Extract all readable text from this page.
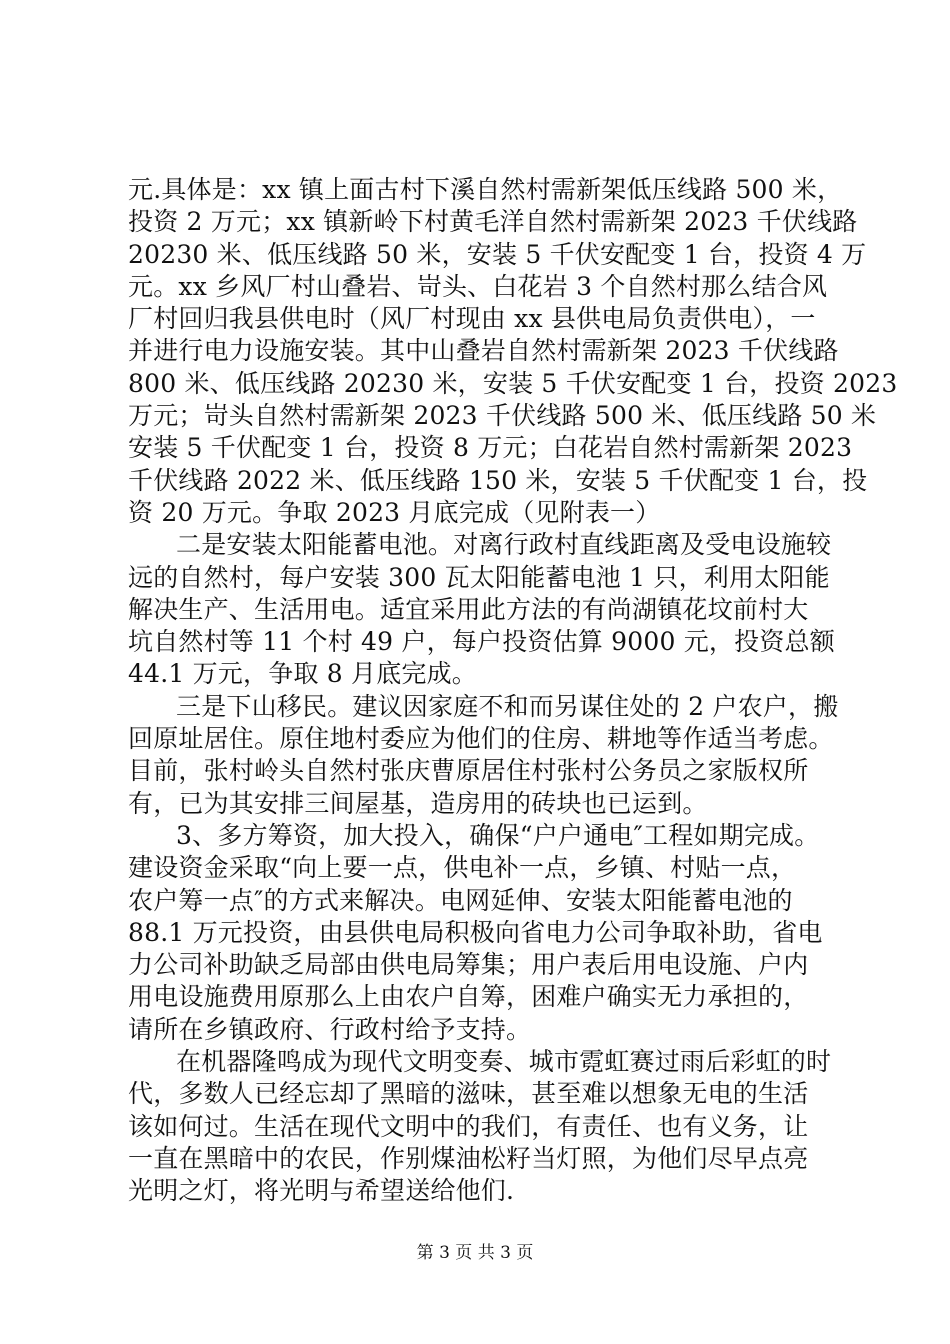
元.具体是：xx 镇上面古村下溪自然村需新架低压线路 500 米，
投资 2 万元；xx 镇新岭下村黄毛洋自然村需新架 2023 千伏线路
20230 米、低压线路 50 米，安装 5 千伏安配变 1 台，投资 4 万
元。xx 乡风厂村山叠岩、岢头、白花岩 3 个自然村那么结合风
厂村回归我县供电时（风厂村现由 xx 县供电局负责供电），一
并进行电力设施安装。其中山叠岩自然村需新架 2023 千伏线路
800 米、低压线路 20230 米，安装 5 千伏安配变 1 台，投资 2023
万元；岢头自然村需新架 2023 千伏线路 500 米、低压线路 50 米
安装 5 千伏配变 1 台，投资 8 万元；白花岩自然村需新架 2023
千伏线路 2022 米、低压线路 150 米，安装 5 千伏配变 1 台，投
资 20 万元。争取 2023 月底完成（见附表一）
二是安装太阳能蓄电池。对离行政村直线距离及受电设施较
远的自然村，每户安装 300 瓦太阳能蓄电池 1 只，利用太阳能
解决生产、生活用电。适宜采用此方法的有尚湖镇花坟前村大
坑自然村等 11 个村 49 户，每户投资估算 9000 元，投资总额
44.1 万元，争取 8 月底完成。
三是下山移民。建议因家庭不和而另谋住处的 2 户农户，搬
回原址居住。原住地村委应为他们的住房、耕地等作适当考虑。
目前，张村岭头自然村张庆曹原居住村张村公务员之家版权所
有，已为其安排三间屋基，造房用的砖块也已运到。
3、多方筹资，加大投入，确保“户户通电″工程如期完成。
建设资金采取“向上要一点，供电补一点，乡镇、村贴一点，
农户筹一点″的方式来解决。电网延伸、安装太阳能蓄电池的
88.1 万元投资，由县供电局积极向省电力公司争取补助，省电
力公司补助缺乏局部由供电局筹集；用户表后用电设施、户内
用电设施费用原那么上由农户自筹，困难户确实无力承担的，
请所在乡镇政府、行政村给予支持。
在机器隆鸣成为现代文明变奏、城市霓虹赛过雨后彩虹的时
代，多数人已经忘却了黑暗的滋味，甚至难以想象无电的生活
该如何过。生活在现代文明中的我们，有责任、也有义务，让
一直在黑暗中的农民，作别煤油松籽当灯照，为他们尽早点亮
光明之灯，将光明与希望送给他们.
第 3 页 共 3 页
